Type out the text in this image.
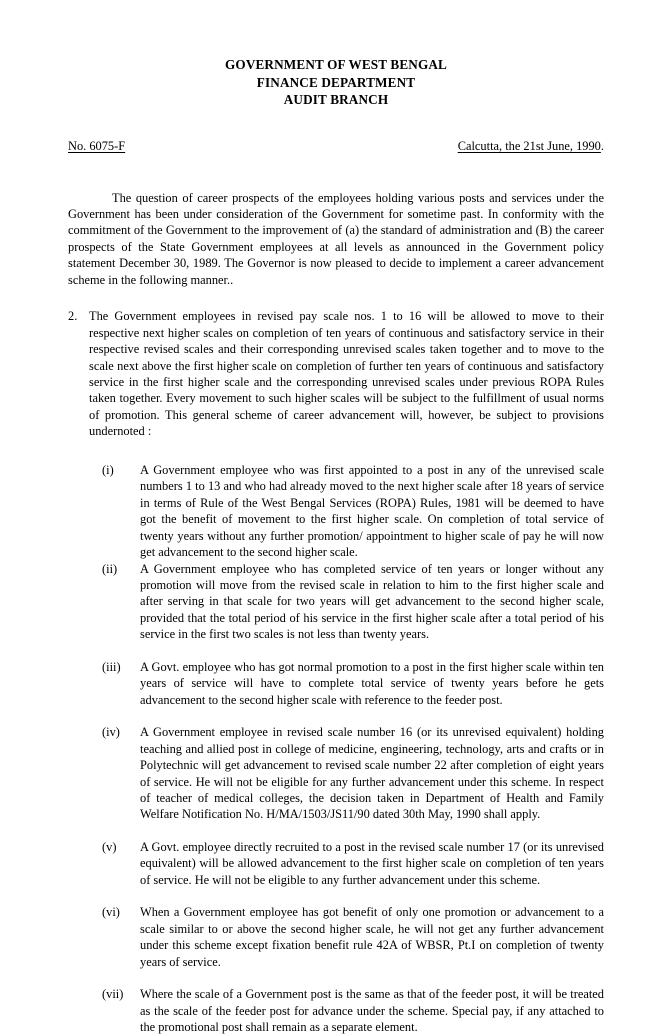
GOVERNMENT OF WEST BENGAL
FINANCE DEPARTMENT
AUDIT BRANCH
No. 6075-F	Calcutta, the 21st June, 1990.
The question of career prospects of the employees holding various posts and services under the Government has been under consideration of the Government for sometime past. In conformity with the commitment of the Government to the improvement of (a) the standard of administration and (B) the career prospects of the State Government employees at all levels as announced in the Government policy statement December 30, 1989. The Governor is now pleased to decide to implement a career advancement scheme in the following manner..
2. The Government employees in revised pay scale nos. 1 to 16 will be allowed to move to their respective next higher scales on completion of ten years of continuous and satisfactory service in their respective revised scales and their corresponding unrevised scales taken together and to move to the scale next above the first higher scale on completion of further ten years of continuous and satisfactory service in the first higher scale and the corresponding unrevised scales under previous ROPA Rules taken together. Every movement to such higher scales will be subject to the fulfillment of usual norms of promotion. This general scheme of career advancement will, however, be subject to provisions undernoted :
(i) A Government employee who was first appointed to a post in any of the unrevised scale numbers 1 to 13 and who had already moved to the next higher scale after 18 years of service in terms of Rule of the West Bengal Services (ROPA) Rules, 1981 will be deemed to have got the benefit of movement to the first higher scale. On completion of total service of twenty years without any further promotion/ appointment to higher scale of pay he will now get advancement to the second higher scale.
(ii) A Government employee who has completed service of ten years or longer without any promotion will move from the revised scale in relation to him to the first higher scale and after serving in that scale for two years will get advancement to the second higher scale, provided that the total period of his service in the first higher scale after a total period of his service in the first two scales is not less than twenty years.
(iii) A Govt. employee who has got normal promotion to a post in the first higher scale within ten years of service will have to complete total service of twenty years before he gets advancement to the second higher scale with reference to the feeder post.
(iv) A Government employee in revised scale number 16 (or its unrevised equivalent) holding teaching and allied post in college of medicine, engineering, technology, arts and crafts or in Polytechnic will get advancement to revised scale number 22 after completion of eight years of service. He will not be eligible for any further advancement under this scheme. In respect of teacher of medical colleges, the decision taken in Department of Health and Family Welfare Notification No. H/MA/1503/JS11/90 dated 30th May, 1990 shall apply.
(v) A Govt. employee directly recruited to a post in the revised scale number 17 (or its unrevised equivalent) will be allowed advancement to the first higher scale on completion of ten years of service. He will not be eligible to any further advancement under this scheme.
(vi) When a Government employee has got benefit of only one promotion or advancement to a scale similar to or above the second higher scale, he will not get any further advancement under this scheme except fixation benefit rule 42A of WBSR, Pt.I on completion of twenty years of service.
(vii) Where the scale of a Government post is the same as that of the feeder post, it will be treated as the scale of the feeder post for advance under the scheme. Special pay, if any attached to the promotional post shall remain as a separate element.
